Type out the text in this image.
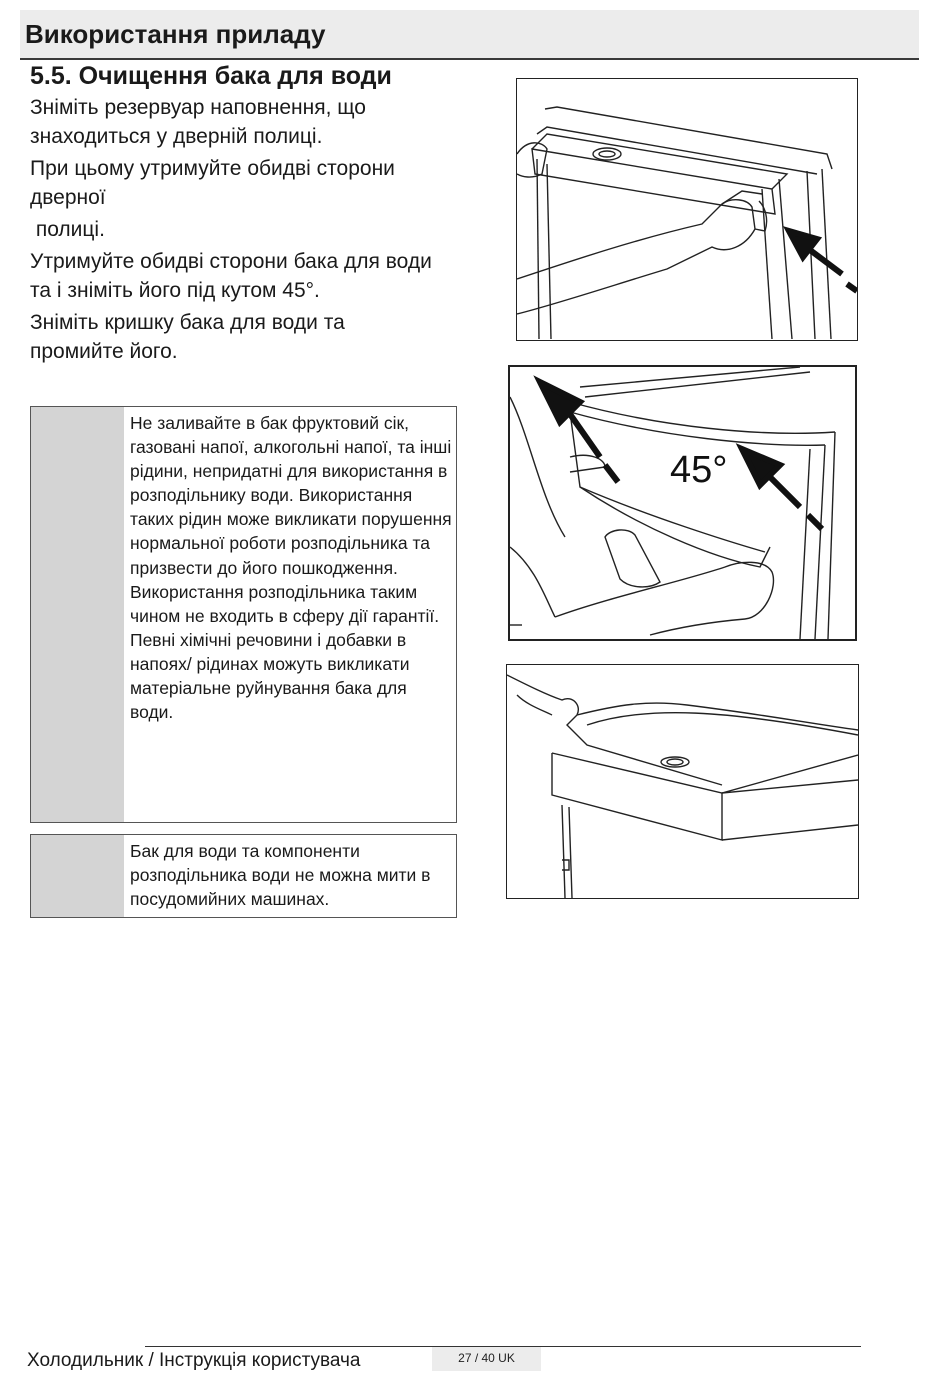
Використання приладу
5.5. Очищення бака для води

Зніміть резервуар наповнення, що знаходиться у дверній полиці.

При цьому утримуйте обидві сторони дверної

полиці.

Утримуйте обидві сторони бака для води та і зніміть його під кутом 45°.

Зніміть кришку бака для води та промийте його.

Не заливайте в бак фруктовий сік, газовані напої, алкогольні напої, та інші рідини, непридатні для використання в розподільнику води. Використання таких рідин може викликати порушення нормальної роботи розподільника та призвести до його пошкодження. Використання розподільника таким чином не входить в сферу дії гарантії. Певні хімічні речовини і добавки в напоях/ рідинах можуть викликати матеріальне руйнування бака для води.
Бак для води та компоненти розподільника води не можна мити в посудомийних машинах.
45°
Холодильник / Інструкція користувача	27 / 40 UK
